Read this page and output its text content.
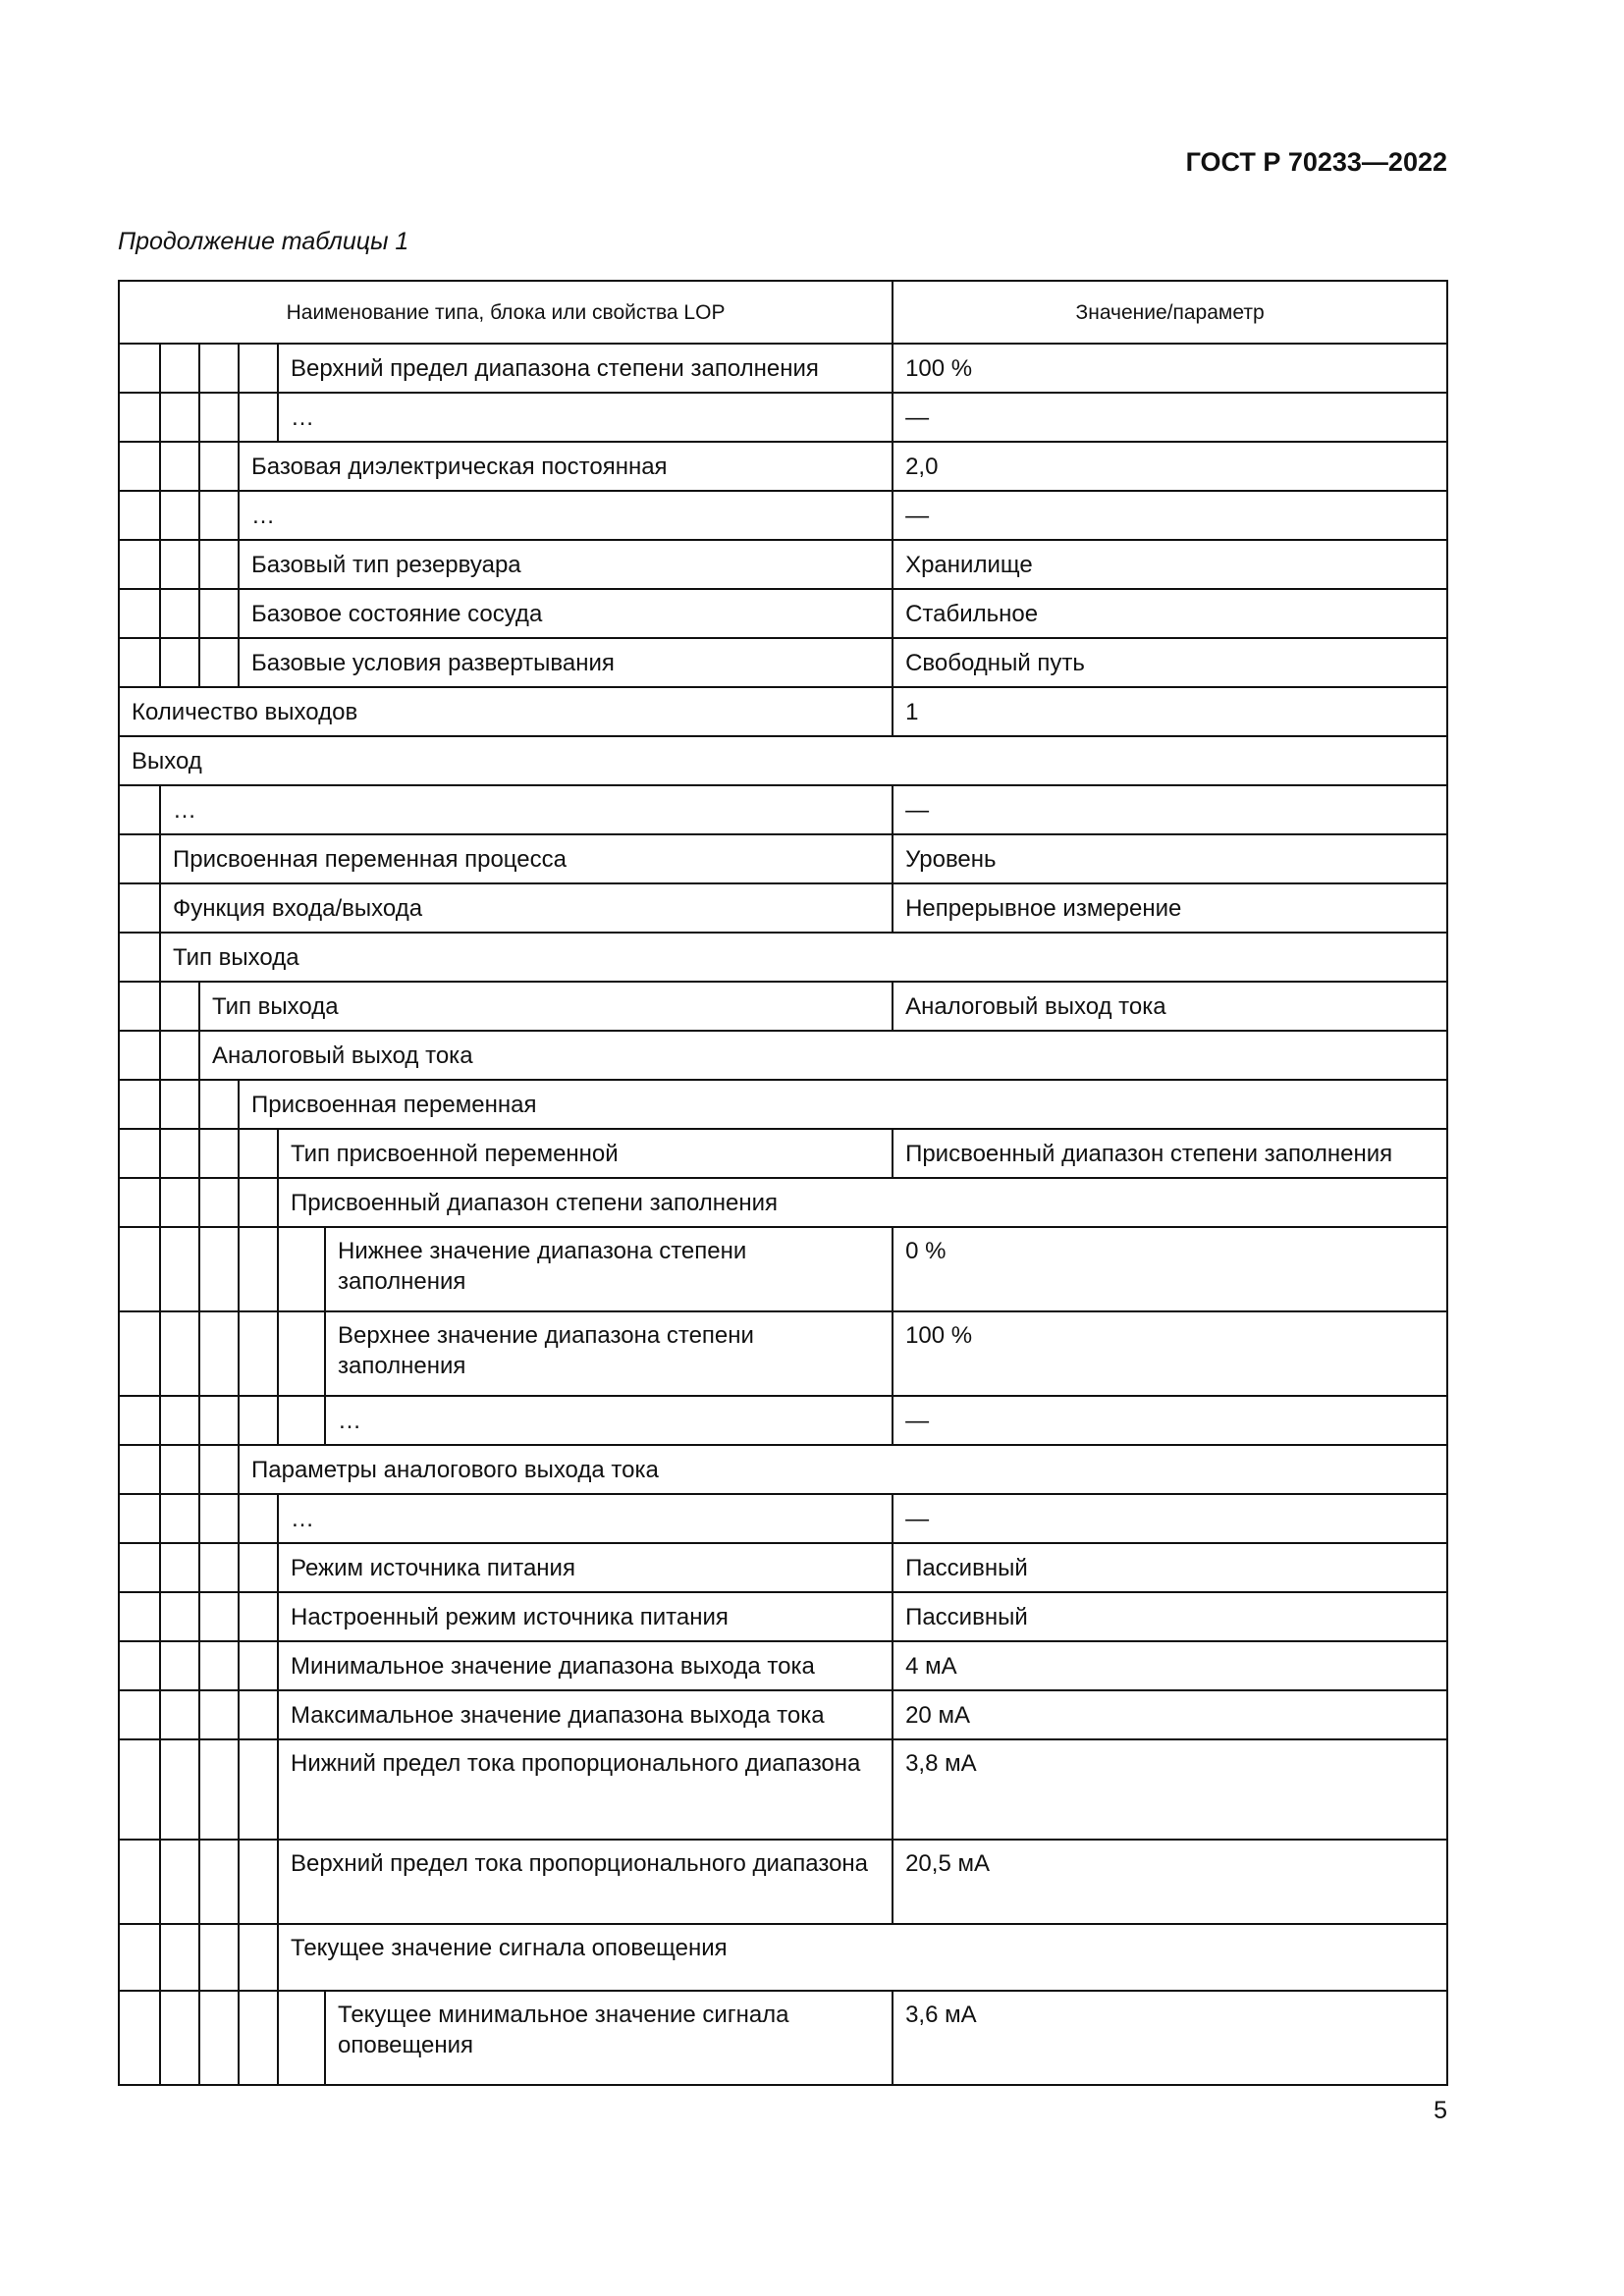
ГОСТ Р 70233—2022
Продолжение таблицы 1
Наименование типа, блока или свойства LOP						Значение/параметр
				Верхний предел диапазона степени заполнения		100 %
				…		—
			Базовая диэлектрическая постоянная			2,0
			…			—
			Базовый тип резервуара			Хранилище
			Базовое состояние сосуда			Стабильное
			Базовые условия развертывания			Свободный путь
Количество выходов						1
Выход						
	…					—
	Присвоенная переменная процесса					Уровень
	Функция входа/выхода					Непрерывное измерение
	Тип выхода					
		Тип выхода				Аналоговый выход тока
		Аналоговый выход тока				
			Присвоенная переменная			
				Тип присвоенной переменной		Присвоенный диапазон степени заполнения
				Присвоенный диапазон степени заполнения		
					Нижнее значение диапазона степени заполнения	0 %
					Верхнее значение диапазона степени заполнения	100 %
					…	—
			Параметры аналогового выхода тока			
				…		—
				Режим источника питания		Пассивный
				Настроенный режим источника питания		Пассивный
				Минимальное значение диапазона выхода тока		4 мА
				Максимальное значение диапазона выхода тока		20 мА
				Нижний предел тока пропорционального диапазона		3,8 мА
				Верхний предел тока пропорционального диапазона		20,5 мА
				Текущее значение сигнала оповещения		
					Текущее минимальное значение сигнала оповещения	3,6 мА
5
